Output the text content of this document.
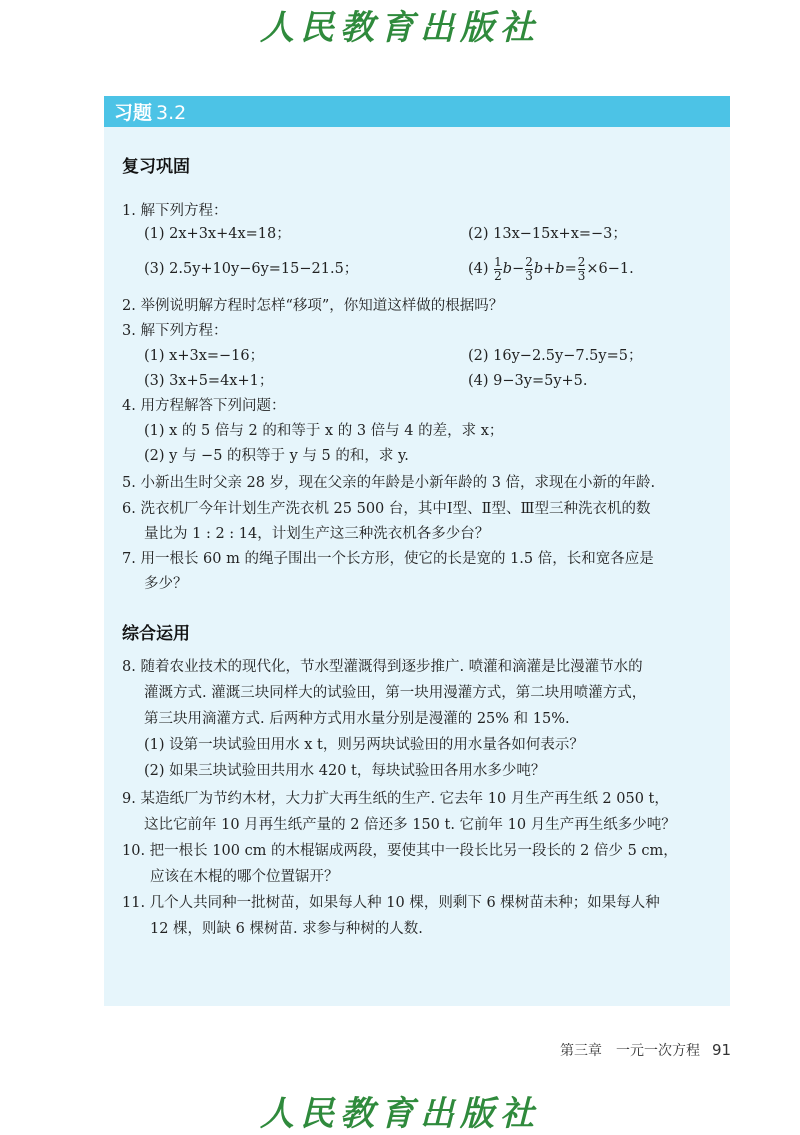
人民教育出版社
习题 3.2
复习巩固
1. 解下列方程：
(1) 2x+3x+4x=18；	(2) 13x−15x+x=−3；
(3) 2.5y+10y−6y=15−21.5；	$(4) \frac{1}{2} b- \frac{2}{3} b+b= \frac{2}{3} \times 6-1$.
2. 举例说明解方程时怎样“移项”，你知道这样做的根据吗？
3. 解下列方程：
(1) x+3x=−16；	(2) 16y−2.5y−7.5y=5；
(3) 3x+5=4x+1；	(4) 9−3y=5y+5.
4. 用方程解答下列问题：
(1) x 的 5 倍与 2 的和等于 x 的 3 倍与 4 的差，求 x；
(2) y 与 −5 的积等于 y 与 5 的和，求 y.
5. 小新出生时父亲 28 岁，现在父亲的年龄是小新年龄的 3 倍，求现在小新的年龄.
6. 洗衣机厂今年计划生产洗衣机 25 500 台，其中Ⅰ型、Ⅱ型、Ⅲ型三种洗衣机的数
量比为 1 : 2 : 14，计划生产这三种洗衣机各多少台？
7. 用一根长 60 m 的绳子围出一个长方形，使它的长是宽的 1.5 倍，长和宽各应是
多少？
综合运用
8. 随着农业技术的现代化，节水型灌溉得到逐步推广. 喷灌和滴灌是比漫灌节水的
灌溉方式. 灌溉三块同样大的试验田，第一块用漫灌方式，第二块用喷灌方式，
第三块用滴灌方式. 后两种方式用水量分别是漫灌的 25% 和 15%.
(1) 设第一块试验田用水 x t，则另两块试验田的用水量各如何表示？
(2) 如果三块试验田共用水 420 t，每块试验田各用水多少吨？
9. 某造纸厂为节约木材，大力扩大再生纸的生产. 它去年 10 月生产再生纸 2 050 t，
这比它前年 10 月再生纸产量的 2 倍还多 150 t. 它前年 10 月生产再生纸多少吨？
10. 把一根长 100 cm 的木棍锯成两段，要使其中一段长比另一段长的 2 倍少 5 cm，
应该在木棍的哪个位置锯开？
11. 几个人共同种一批树苗，如果每人种 10 棵，则剩下 6 棵树苗未种；如果每人种
12 棵，则缺 6 棵树苗. 求参与种树的人数.
第三章　一元一次方程 91
人民教育出版社
